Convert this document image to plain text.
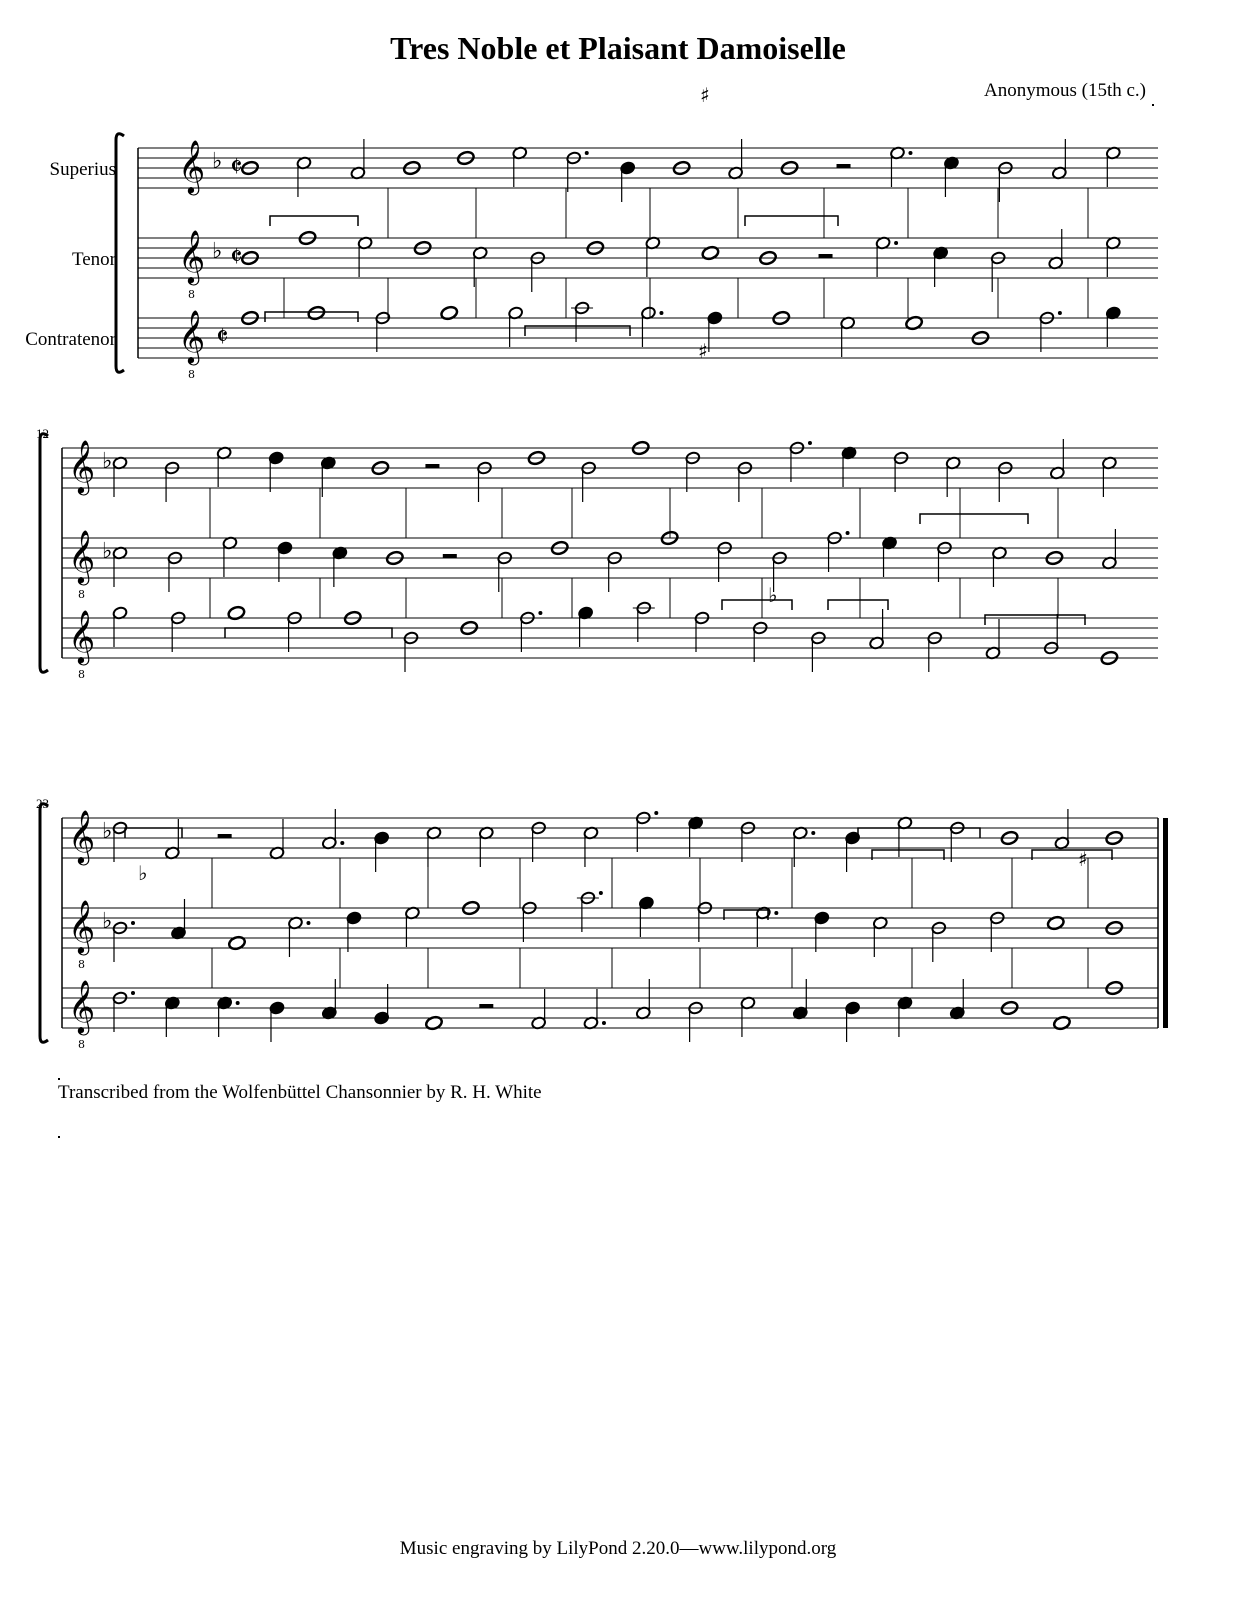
Tres Noble et Plaisant Damoiselle
Anonymous (15th c.)
Superius 𝄞 ♭ 𝄵
Tenor 𝄞
8
♭ 𝄵
Contratenor 𝄞
8
𝄵
12
𝄞 ♭
𝄞
8
♭
𝄞
8
23
𝄞 ♭
𝄞
8
♭
𝄞
8
♯
♯
♯
♭
♭
Transcribed from the Wolfenbüttel Chansonnier by R. H. White
Music engraving by LilyPond 2.20.0—www.lilypond.org
